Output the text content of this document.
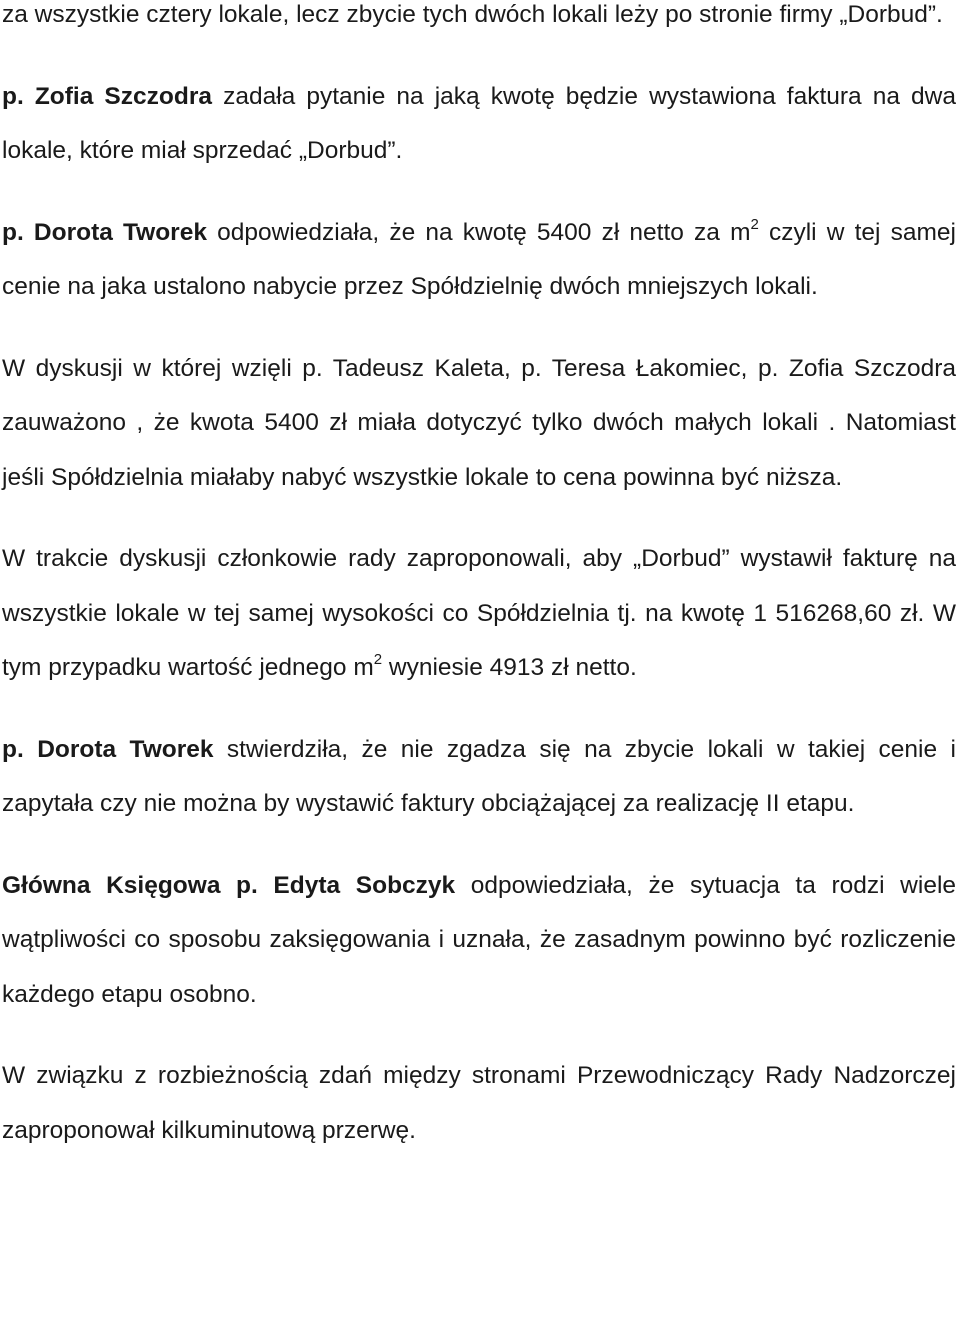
za wszystkie cztery lokale, lecz zbycie tych dwóch lokali leży po stronie firmy „Dorbud”.

p. Zofia Szczodra zadała pytanie na jaką kwotę będzie wystawiona faktura na dwa lokale, które miał sprzedać „Dorbud”.

p. Dorota Tworek odpowiedziała, że na kwotę 5400 zł netto za $m^2$ czyli w tej samej cenie na jaka ustalono nabycie przez Spółdzielnię dwóch mniejszych lokali.

W dyskusji w której wzięli p. Tadeusz Kaleta, p. Teresa Łakomiec, p. Zofia Szczodra zauważono , że kwota 5400 zł miała dotyczyć tylko dwóch małych lokali . Natomiast jeśli Spółdzielnia miałaby nabyć wszystkie lokale to cena powinna być niższa.

W trakcie dyskusji członkowie rady zaproponowali, aby „Dorbud” wystawił fakturę na wszystkie lokale w tej samej wysokości co Spółdzielnia tj. na kwotę 1 516268,60 zł. W tym przypadku wartość jednego $m^2$ wyniesie 4913 zł netto.

p. Dorota Tworek stwierdziła, że nie zgadza się na zbycie lokali w takiej cenie i zapytała czy nie można by wystawić faktury obciążającej za realizację II etapu.

Główna Księgowa p. Edyta Sobczyk odpowiedziała, że sytuacja ta rodzi wiele wątpliwości co sposobu zaksięgowania i uznała, że zasadnym powinno być rozliczenie każdego etapu osobno.

W związku z rozbieżnością zdań między stronami Przewodniczący Rady Nadzorczej zaproponował kilkuminutową przerwę.
